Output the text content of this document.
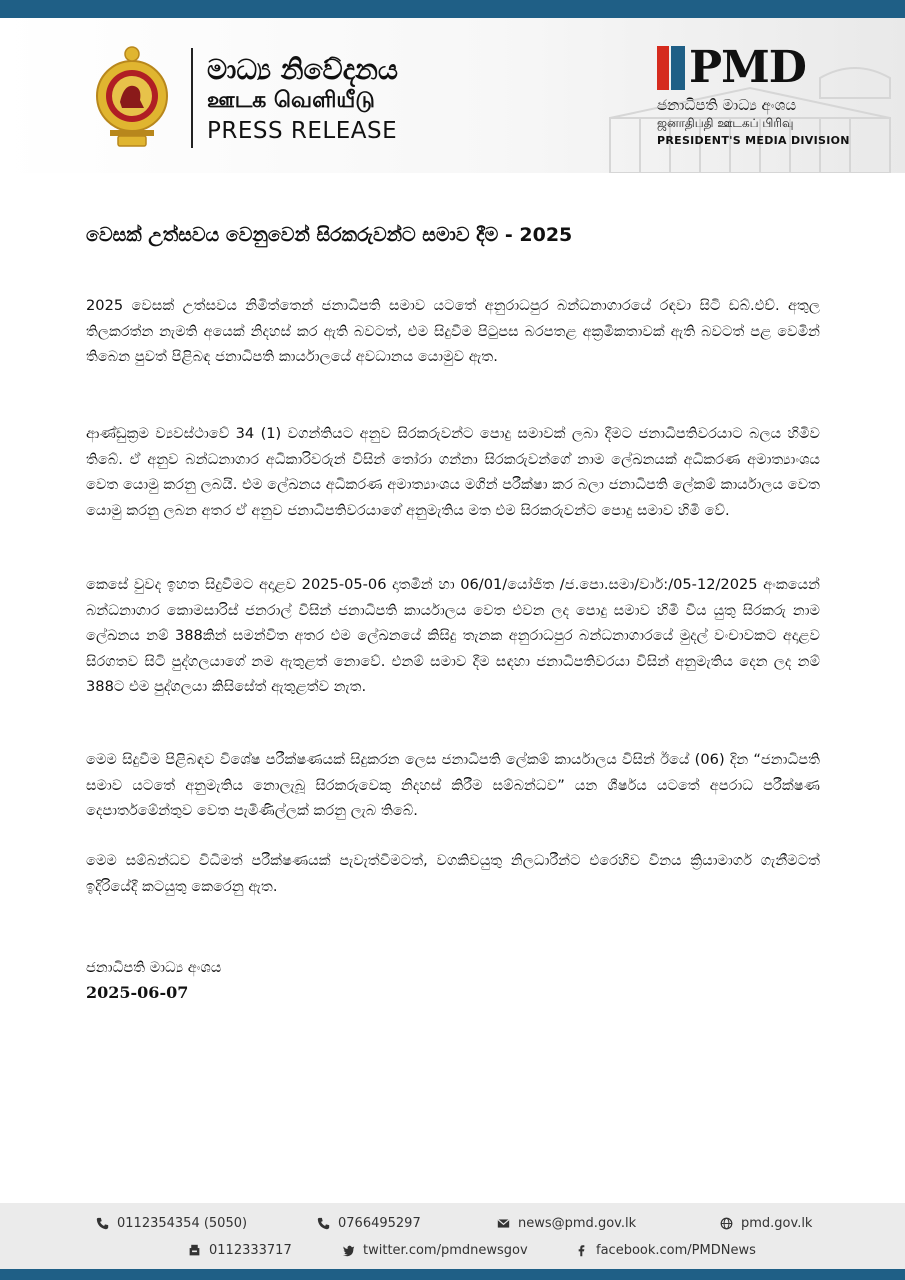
මාධ්‍ය නිවේදනය
ஊடக வெளியீடு
PRESS RELEASE
PMD
ජනාධිපති මාධ්‍ය අංශය
ஜனாதிபதி ஊடகப் பிரிவு
PRESIDENT'S MEDIA DIVISION
වෙසක් උත්සවය වෙනුවෙන් සිරකරුවන්ට සමාව දීම - 2025

2025 වෙසක් උත්සවය නිමිත්තෙන් ජනාධිපති සමාව යටතේ අනුරාධපුර බන්ධනාගාරයේ රඳවා සිටි ඩබ්.එච්. අතුල තිලකරත්න නැමති අයෙක් නිදහස් කර ඇති බවටත්, එම සිදුවීම පිටුපස බරපතළ අක්‍රමිකතාවක් ඇති බවටත් පළ වෙමින් තිබෙන පුවත් පිළිබඳ ජනාධිපති කාර්යාලයේ අවධානය යොමුව ඇත.

ආණ්ඩුක්‍රම ව්‍යවස්ථාවේ 34 (1) වගන්තියට අනුව සිරකරුවන්ට පොදු සමාවක් ලබා දීමට ජනාධිපතිවරයාට බලය හිමිව තිබේ. ඒ අනුව බන්ධනාගාර අධිකාරිවරුන් විසින් තෝරා ගන්නා සිරකරුවන්ගේ නාම ලේඛනයක් අධිකරණ අමාත්‍යාංශය වෙත යොමු කරනු ලබයි. එම ලේඛනය අධිකරණ අමාත්‍යාංශය මගින් පරීක්ෂා කර බලා ජනාධිපති ලේකම් කාර්යාලය වෙත යොමු කරනු ලබන අතර ඒ අනුව ජනාධිපතිවරයාගේ අනුමැතිය මත එම සිරකරුවන්ට පොදු සමාව හිමි වේ.

කෙසේ වුවද ඉහත සිදුවීමට අදාළව 2025-05-06 දාතමින් හා 06/01/යෝජිත /ජ.පො.සමා/වාර්:/05-12/2025 අංකයෙන් බන්ධනාගාර කොමසාරිස් ජනරාල් විසින් ජනාධිපති කාර්යාලය වෙත එවන ලද පොදු සමාව හිමි විය යුතු සිරකරු නාම ලේඛනය නම් 388කින් සමන්විත අතර එම ලේඛනයේ කිසිදු තැනක අනුරාධපුර බන්ධනාගාරයේ මුදල් වංචාවකට අදාළව සිරගතව සිටි පුද්ගලයාගේ නම ඇතුළත් නොවේ. එනම් සමාව දීම සඳහා ජනාධිපතිවරයා විසින් අනුමැතිය දෙන ලද නම් 388ට එම පුද්ගලයා කිසිසේත් ඇතුළත්ව නැත.

මෙම සිදුවීම පිළිබඳව විශේෂ පරීක්ෂණයක් සිදුකරන ලෙස ජනාධිපති ලේකම් කාර්යාලය විසින් ඊයේ (06) දින “ජනාධිපති සමාව යටතේ අනුමැතිය නොලැබූ සිරකරුවෙකු නිදහස් කිරීම සම්බන්ධව” යන ශීර්ෂය යටතේ අපරාධ පරීක්ෂණ දෙපාර්තමේන්තුව වෙත පැමිණිල්ලක් කරනු ලැබ තිබේ.

මෙම සම්බන්ධව විධිමත් පරීක්ෂණයක් පැවැත්වීමටත්, වගකිවයුතු නිලධාරීන්ට එරෙහිව විනය ක්‍රියාමාර්ග ගැනීමටත් ඉදිරියේදී කටයුතු කෙරෙනු ඇත.

ජනාධිපති මාධ්‍ය අංශය
2025-06-07
0112354354 (5050)	0766495297	news@pmd.gov.lk	pmd.gov.lk
0112333717	twitter.com/pmdnewsgov	facebook.com/PMDNews
